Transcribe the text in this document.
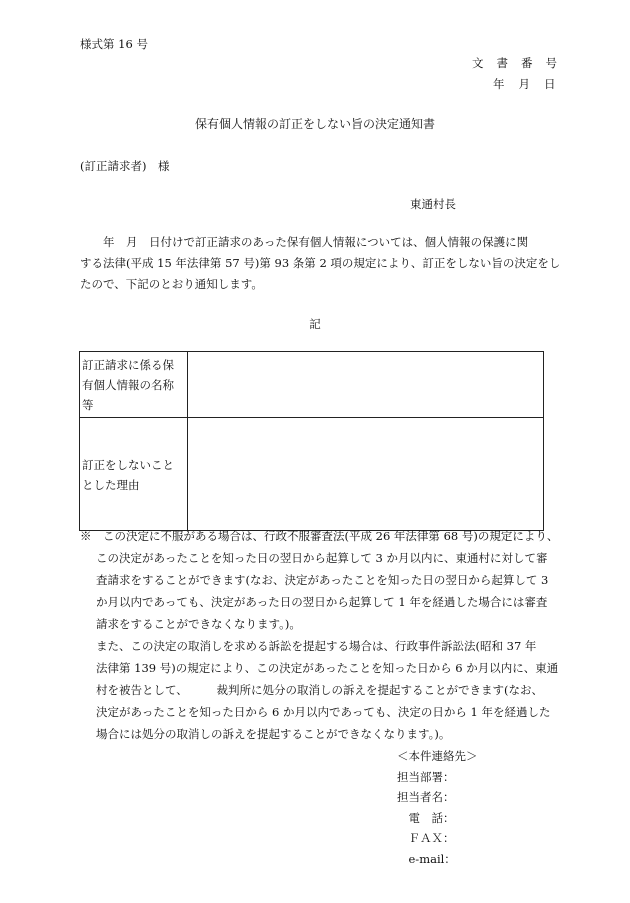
様式第 16 号
文書番号
年月日
保有個人情報の訂正をしない旨の決定通知書
(訂正請求者)　様
東通村長
　　年　月　日付けで訂正請求のあった保有個人情報については、個人情報の保護に関
する法律(平成 15 年法律第 57 号)第 93 条第 2 項の規定により、訂正をしない旨の決定をし
たので、下記のとおり通知します。
記
訂正請求に係る保
有個人情報の名称
等	

訂正をしないこと
とした理由	

※　この決定に不服がある場合は、行政不服審査法(平成 26 年法律第 68 号)の規定により、
この決定があったことを知った日の翌日から起算して 3 か月以内に、東通村に対して審
査請求をすることができます(なお、決定があったことを知った日の翌日から起算して 3
か月以内であっても、決定があった日の翌日から起算して 1 年を経過した場合には審査
請求をすることができなくなります。)。
また、この決定の取消しを求める訴訟を提起する場合は、行政事件訴訟法(昭和 37 年
法律第 139 号)の規定により、この決定があったことを知った日から 6 か月以内に、東通
村を被告として、　　　裁判所に処分の取消しの訴えを提起することができます(なお、
決定があったことを知った日から 6 か月以内であっても、決定の日から 1 年を経過した
場合には処分の取消しの訴えを提起することができなくなります。)。
＜本件連絡先＞
担当部署：
担当者名：
　電　話：
　ＦＡＸ：
　e-mail：
